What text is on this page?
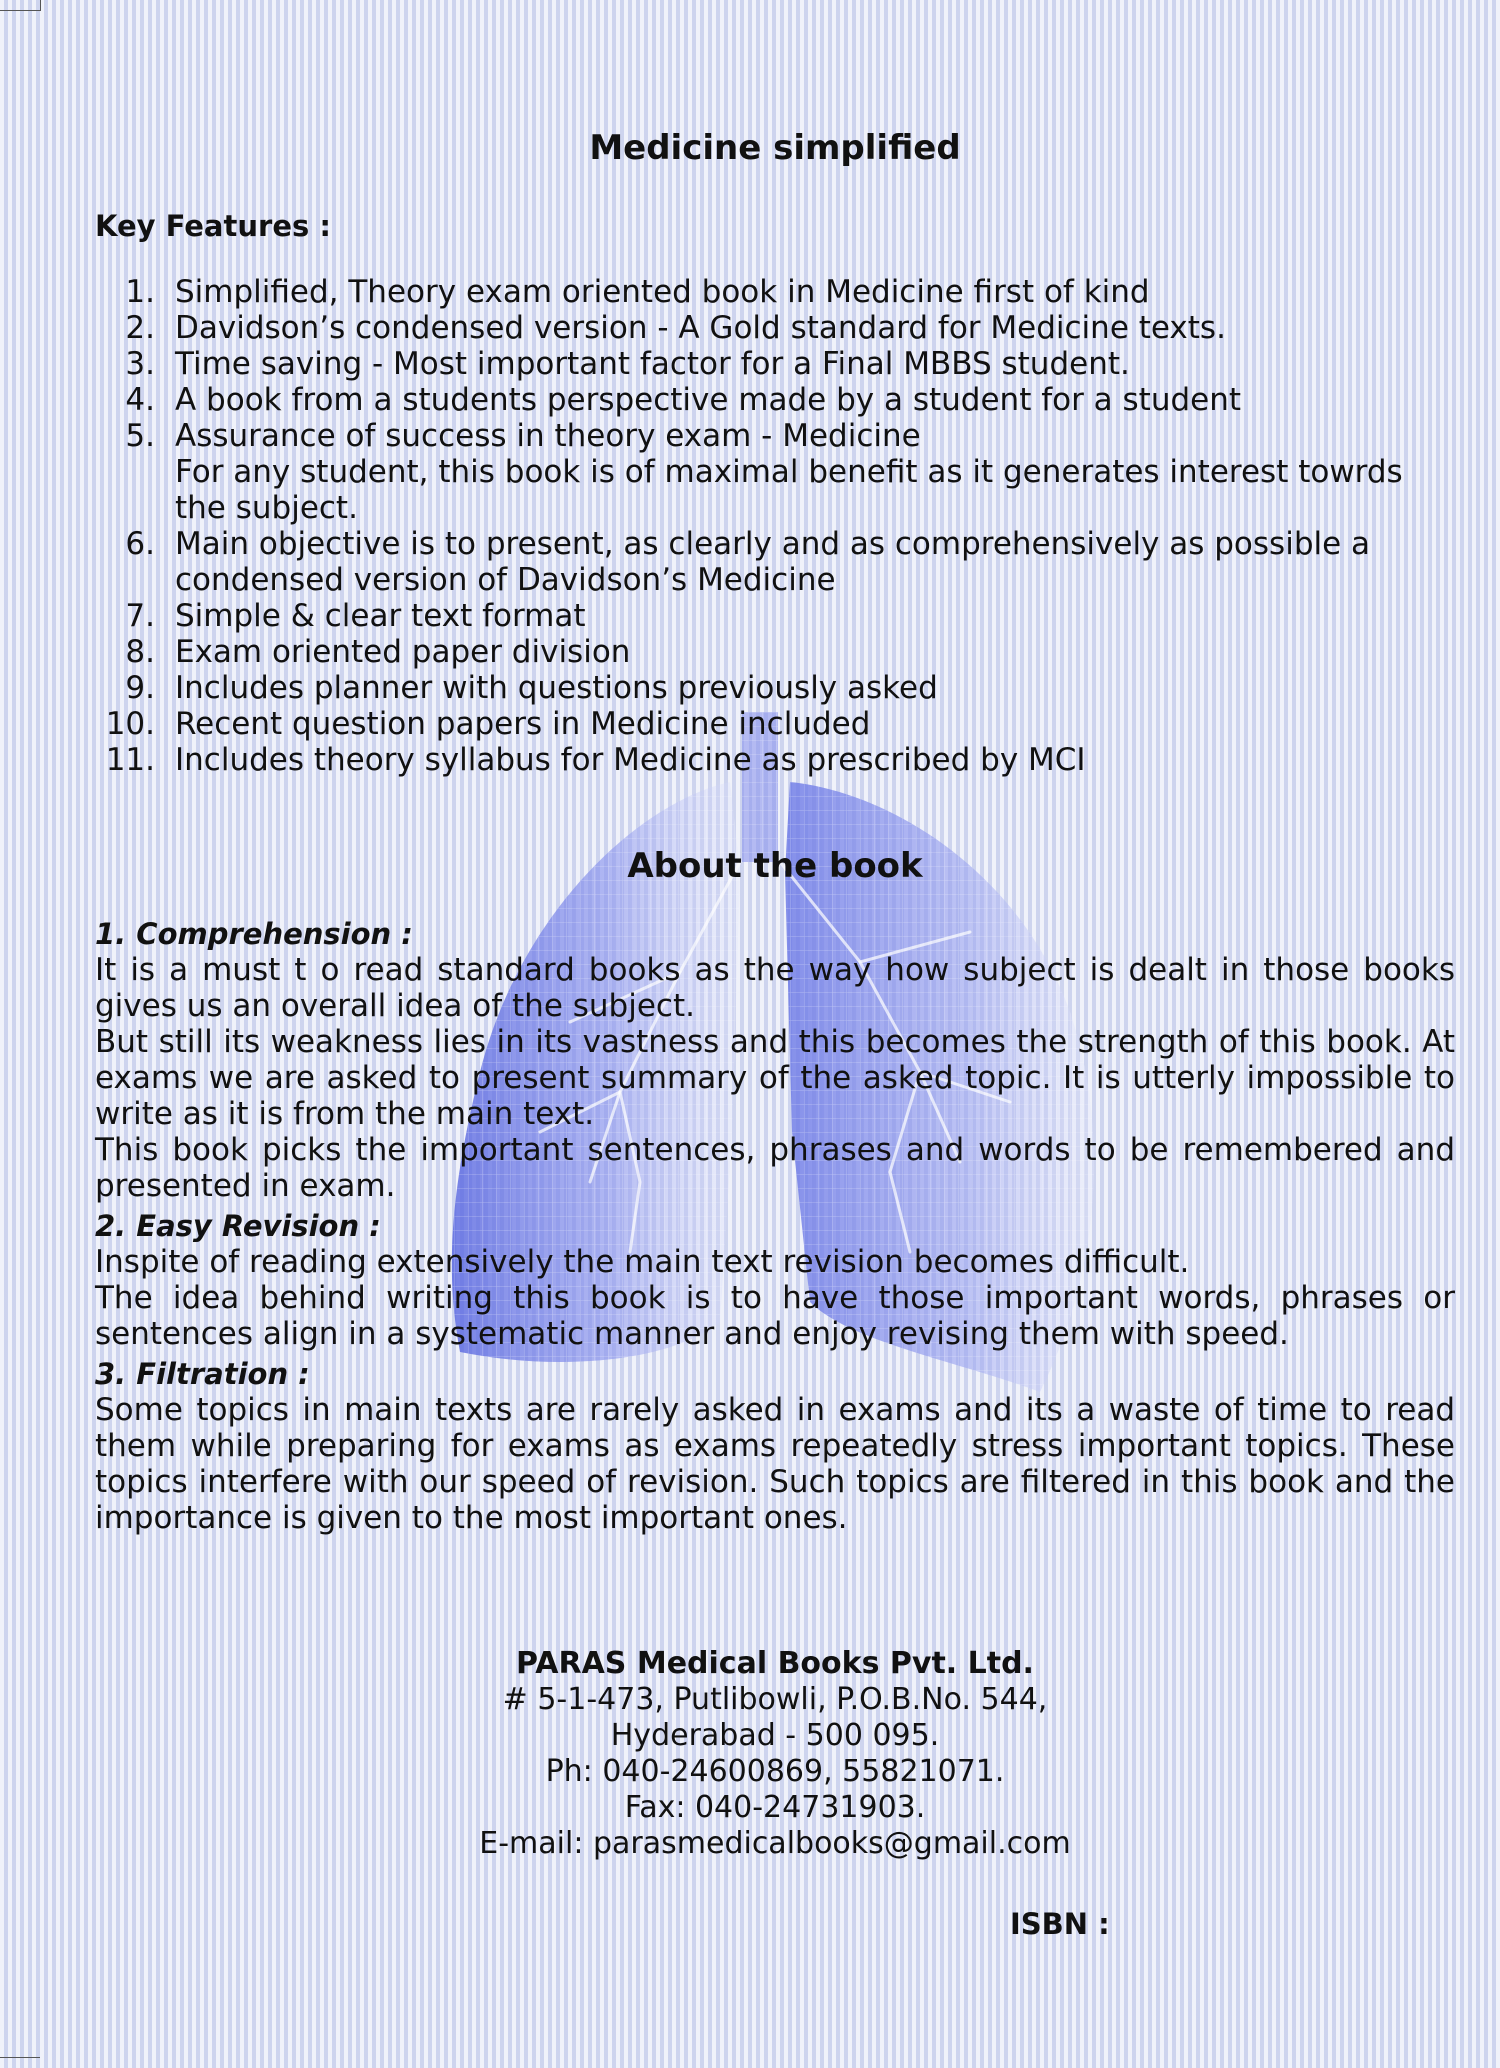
Medicine simplified
Key Features :
1. Simplified, Theory exam oriented book in Medicine first of kind
2. Davidson’s condensed version - A Gold standard for Medicine texts.
3. Time saving - Most important factor for a Final MBBS student.
4. A book from a students perspective made by a student for a student
5. Assurance of success in theory exam - Medicine
For any student, this book is of maximal benefit as it generates interest towrds the subject.
6. Main objective is to present, as clearly and as comprehensively as possible a condensed version of Davidson’s Medicine
7. Simple & clear text format
8. Exam oriented paper division
9. Includes planner with questions previously asked
10. Recent question papers in Medicine included
11. Includes theory syllabus for Medicine as prescribed by MCI
About the book
1. Comprehension :

It is a must t o read standard books as the way how subject is dealt in those books gives us an overall idea of the subject.

But still its weakness lies in its vastness and this becomes the strength of this book. At exams we are asked to present summary of the asked topic. It is utterly impossible to write as it is from the main text.

This book picks the important sentences, phrases and words to be remembered and presented in exam.

2. Easy Revision :

Inspite of reading extensively the main text revision becomes difficult.

The idea behind writing this book is to have those important words, phrases or sentences align in a systematic manner and enjoy revising them with speed.

3. Filtration :

Some topics in main texts are rarely asked in exams and its a waste of time to read them while preparing for exams as exams repeatedly stress important topics. These topics interfere with our speed of revision. Such topics are filtered in this book and the importance is given to the most important ones.

PARAS Medical Books Pvt. Ltd.
# 5-1-473, Putlibowli, P.O.B.No. 544,
Hyderabad - 500 095.
Ph: 040-24600869, 55821071.
Fax: 040-24731903.
E-mail: parasmedicalbooks@gmail.com
ISBN :
